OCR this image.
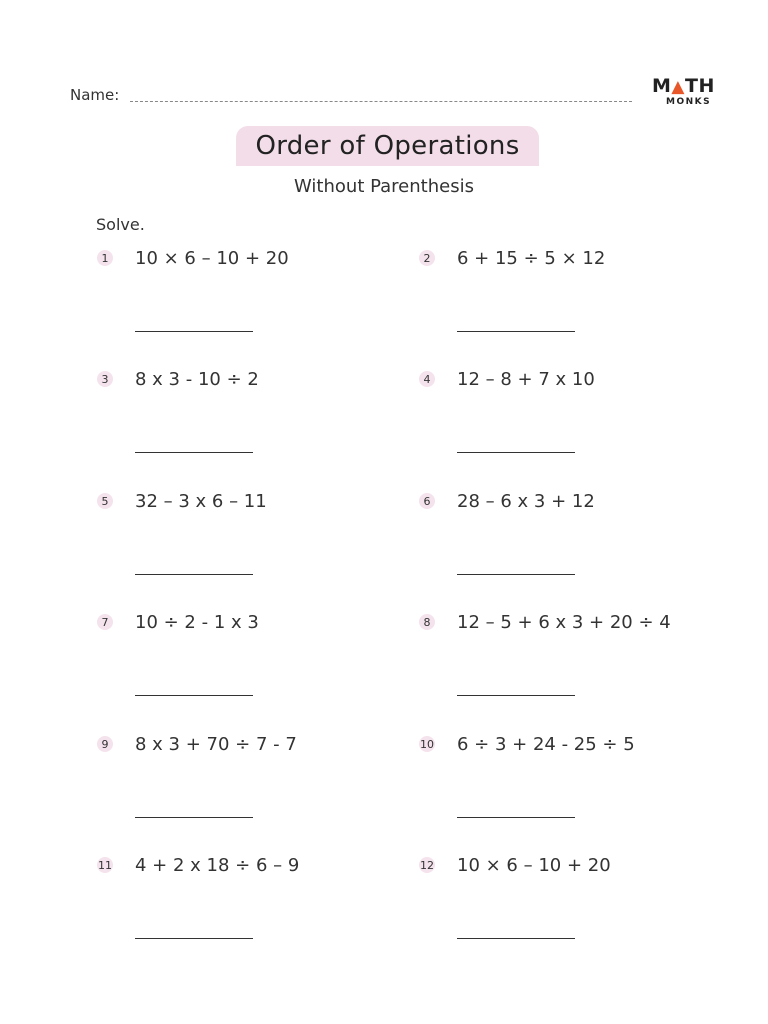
Name:	M▲TH
MONKS
Order of Operations
Without Parenthesis
Solve.
1 10 × 6 – 10 + 20	2 6 + 15 ÷ 5 × 12
3 8 x 3 - 10 ÷ 2	4 12 – 8 + 7 x 10
5 32 – 3 x 6 – 11	6 28 – 6 x 3 + 12
7 10 ÷ 2 - 1 x 3	8 12 – 5 + 6 x 3 + 20 ÷ 4
9 8 x 3 + 70 ÷ 7 - 7	10 6 ÷ 3 + 24 - 25 ÷ 5
11 4 + 2 x 18 ÷ 6 – 9	12 10 × 6 – 10 + 20
